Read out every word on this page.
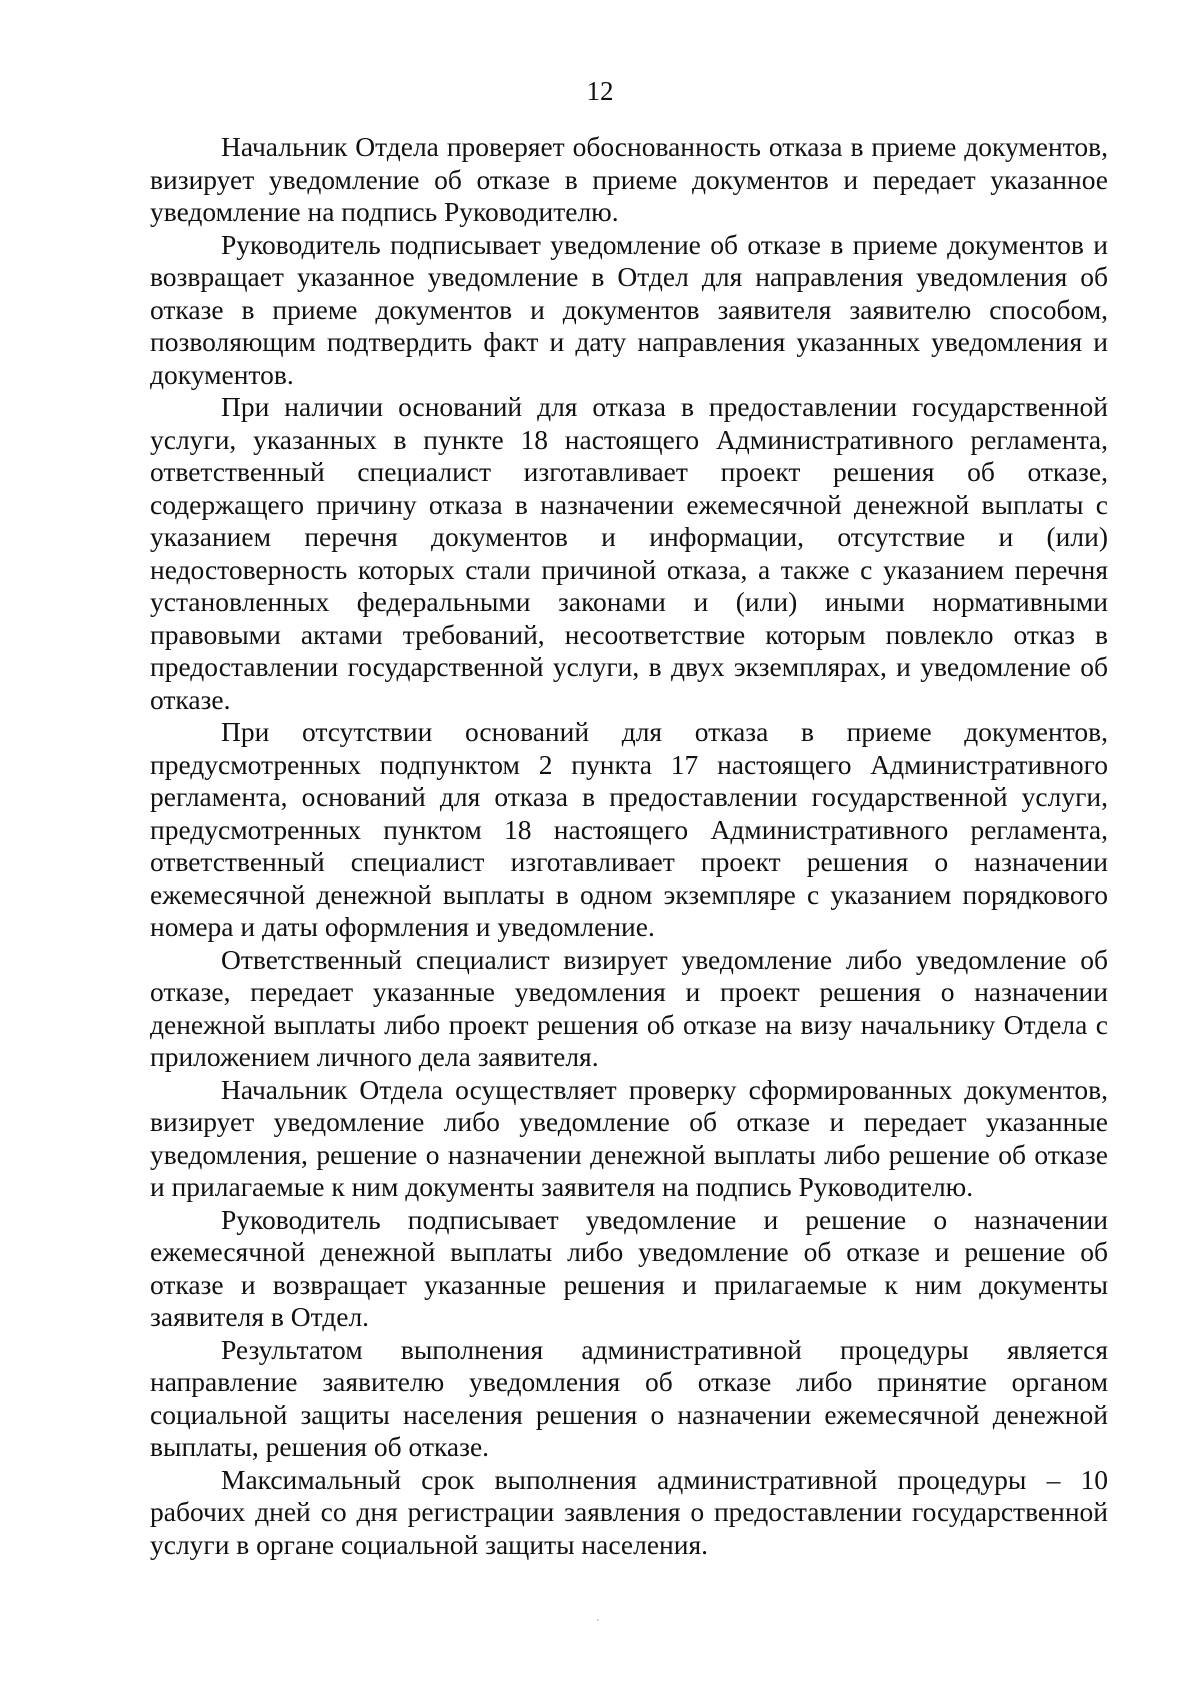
12

Начальник Отдела проверяет обоснованность отказа в приеме документов, визирует уведомление об отказе в приеме документов и передает указанное уведомление на подпись Руководителю.

Руководитель подписывает уведомление об отказе в приеме документов и возвращает указанное уведомление в Отдел для направления уведомления об отказе в приеме документов и документов заявителя заявителю способом, позволяющим подтвердить факт и дату направления указанных уведомления и документов.

При наличии оснований для отказа в предоставлении государственной услуги, указанных в пункте 18 настоящего Административного регламента, ответственный специалист изготавливает проект решения об отказе, содержащего причину отказа в назначении ежемесячной денежной выплаты с указанием перечня документов и информации, отсутствие и (или) недостоверность которых стали причиной отказа, а также с указанием перечня установленных федеральными законами и (или) иными нормативными правовыми актами требований, несоответствие которым повлекло отказ в предоставлении государственной услуги, в двух экземплярах, и уведомление об отказе.

При отсутствии оснований для отказа в приеме документов, предусмотренных подпунктом 2 пункта 17 настоящего Административного регламента, оснований для отказа в предоставлении государственной услуги, предусмотренных пунктом 18 настоящего Административного регламента, ответственный специалист изготавливает проект решения о назначении ежемесячной денежной выплаты в одном экземпляре с указанием порядкового номера и даты оформления и уведомление.

Ответственный специалист визирует уведомление либо уведомление об отказе, передает указанные уведомления и проект решения о назначении денежной выплаты либо проект решения об отказе на визу начальнику Отдела с приложением личного дела заявителя.

Начальник Отдела осуществляет проверку сформированных документов, визирует уведомление либо уведомление об отказе и передает указанные уведомления, решение о назначении денежной выплаты либо решение об отказе и прилагаемые к ним документы заявителя на подпись Руководителю.

Руководитель подписывает уведомление и решение о назначении ежемесячной денежной выплаты либо уведомление об отказе и решение об отказе и возвращает указанные решения и прилагаемые к ним документы заявителя в Отдел.

Результатом выполнения административной процедуры является направление заявителю уведомления об отказе либо принятие органом социальной защиты населения решения о назначении ежемесячной денежной выплаты, решения об отказе.

Максимальный срок выполнения административной процедуры – 10 рабочих дней со дня регистрации заявления о предоставлении государственной услуги в органе социальной защиты населения.
